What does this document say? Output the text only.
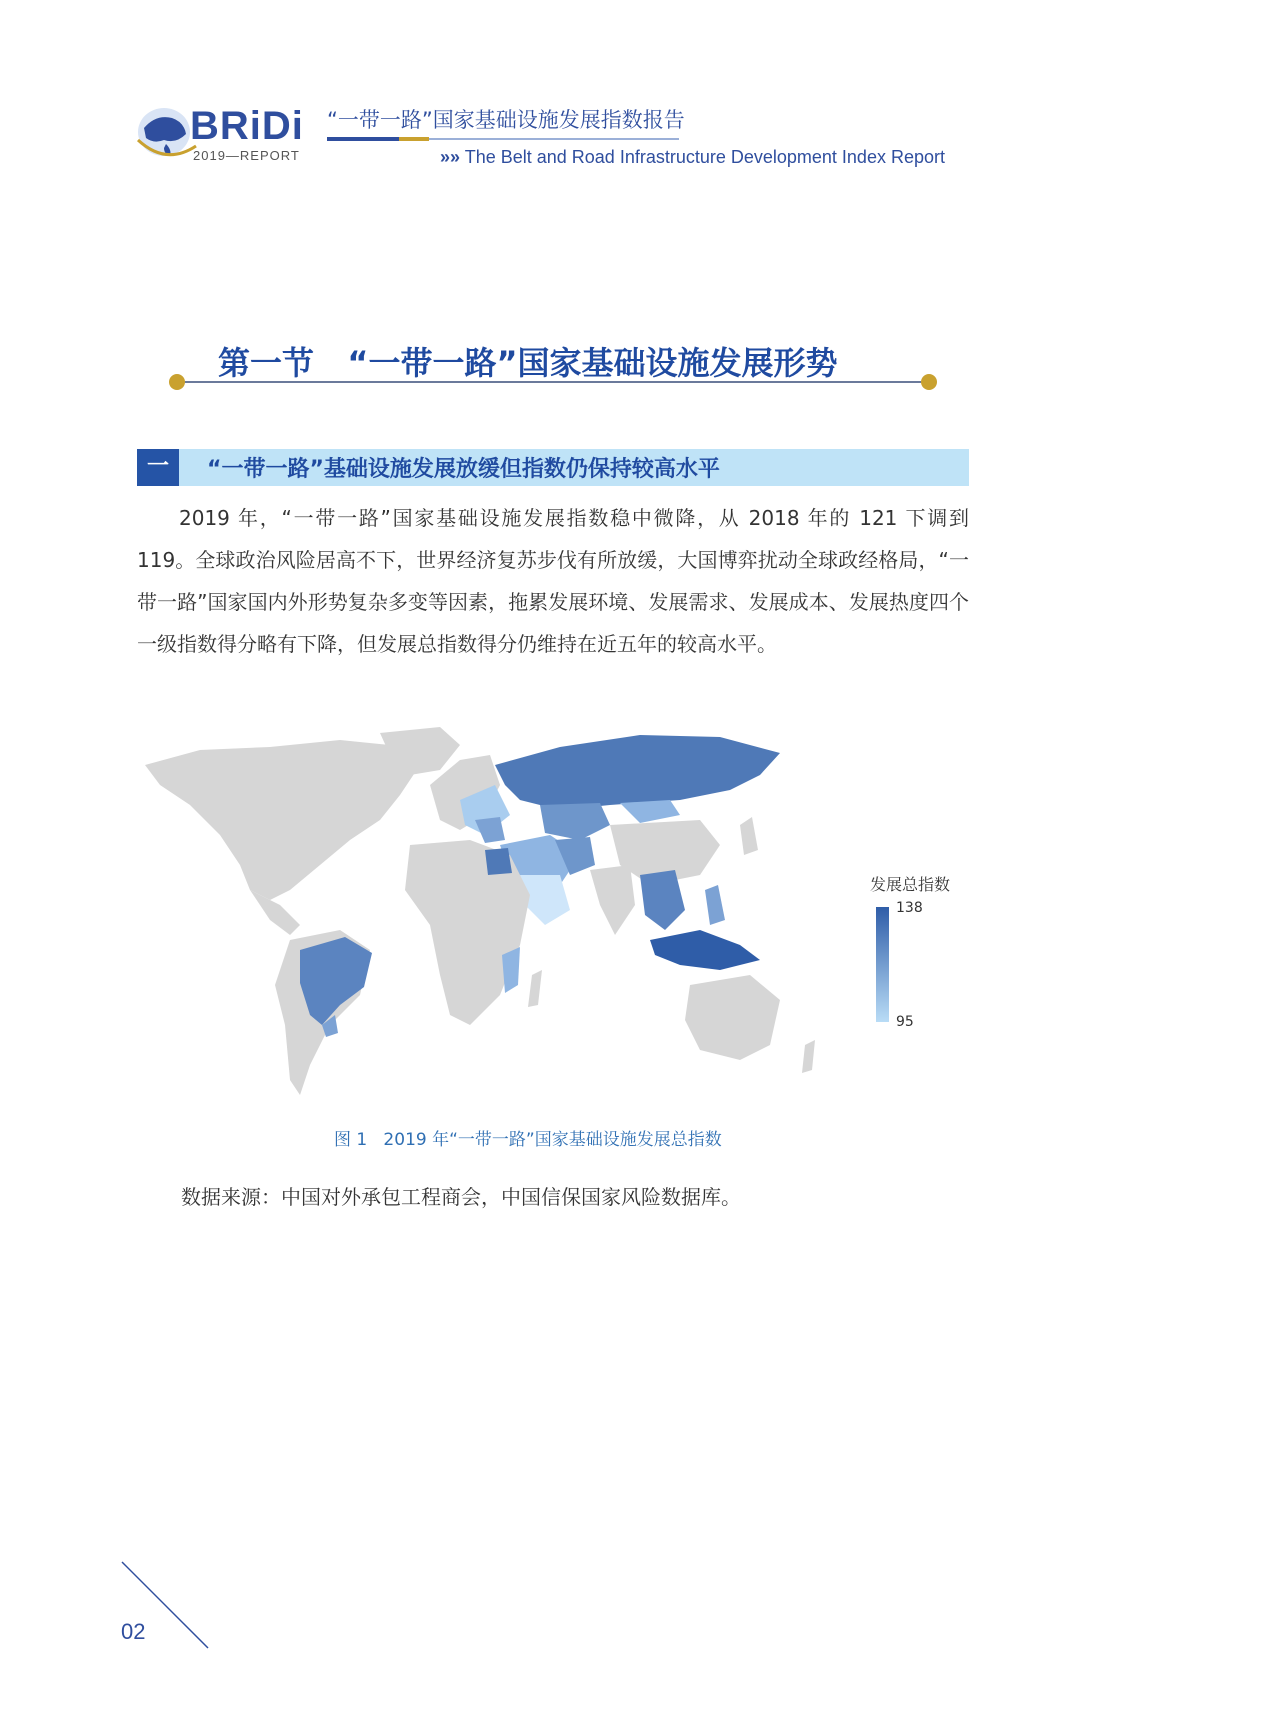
BRiDi
2019—REPORT
“一带一路”国家基础设施发展指数报告
»» The Belt and Road Infrastructure Development Index Report
第一节   “一带一路”国家基础设施发展形势
一	“一带一路”基础设施发展放缓但指数仍保持较高水平
2019 年，“一带一路”国家基础设施发展指数稳中微降，从 2018 年的 121 下调到 119。全球政治风险居高不下，世界经济复苏步伐有所放缓，大国博弈扰动全球政经格局，“一带一路”国家国内外形势复杂多变等因素，拖累发展环境、发展需求、发展成本、发展热度四个一级指数得分略有下降，但发展总指数得分仍维持在近五年的较高水平。
发展总指数
138
95
图 1   2019 年“一带一路”国家基础设施发展总指数
数据来源：中国对外承包工程商会，中国信保国家风险数据库。
02
